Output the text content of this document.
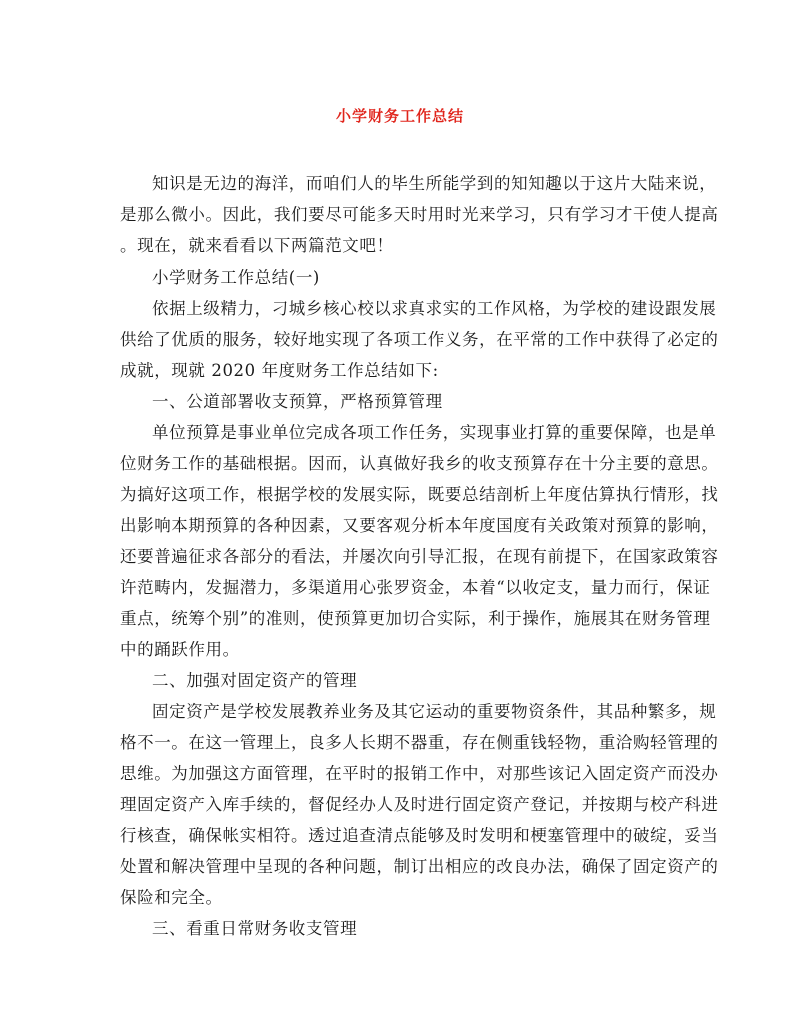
小学财务工作总结
知识是无边的海洋，而咱们人的毕生所能学到的知知趣以于这片大陆来说，
是那么微小。因此，我们要尽可能多天时用时光来学习，只有学习才干使人提高
。现在，就来看看以下两篇范文吧！
小学财务工作总结(一)
依据上级精力，刁城乡核心校以求真求实的工作风格，为学校的建设跟发展
供给了优质的服务，较好地实现了各项工作义务，在平常的工作中获得了必定的
成就，现就 2020 年度财务工作总结如下:
一、公道部署收支预算，严格预算管理
单位预算是事业单位完成各项工作任务，实现事业打算的重要保障，也是单
位财务工作的基础根据。因而，认真做好我乡的收支预算存在十分主要的意思。
为搞好这项工作，根据学校的发展实际，既要总结剖析上年度估算执行情形，找
出影响本期预算的各种因素，又要客观分析本年度国度有关政策对预算的影响，
还要普遍征求各部分的看法，并屡次向引导汇报，在现有前提下，在国家政策容
许范畴内，发掘潜力，多渠道用心张罗资金，本着“以收定支，量力而行，保证
重点，统筹个别”的准则，使预算更加切合实际，利于操作，施展其在财务管理
中的踊跃作用。
二、加强对固定资产的管理
固定资产是学校发展教养业务及其它运动的重要物资条件，其品种繁多，规
格不一。在这一管理上，良多人长期不器重，存在侧重钱轻物，重洽购轻管理的
思维。为加强这方面管理，在平时的报销工作中，对那些该记入固定资产而没办
理固定资产入库手续的，督促经办人及时进行固定资产登记，并按期与校产科进
行核查，确保帐实相符。透过追查清点能够及时发明和梗塞管理中的破绽，妥当
处置和解决管理中呈现的各种问题，制订出相应的改良办法，确保了固定资产的
保险和完全。
三、看重日常财务收支管理
